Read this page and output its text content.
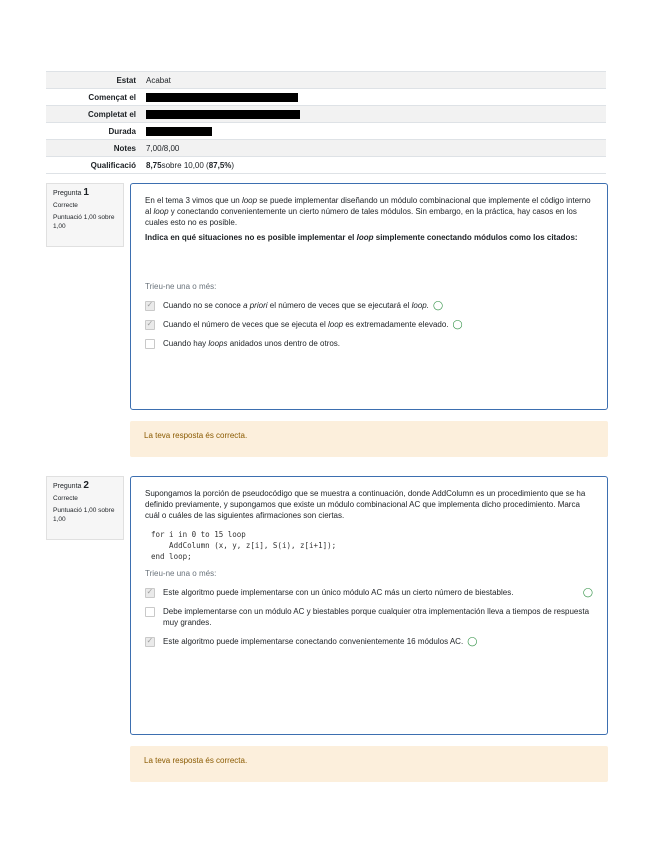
Estat	Acabat
Començat el
Completat el
Durada
Notes	7,00/8,00
Qualificació	8,75 sobre 10,00 ( 87,5% )
Pregunta 1
Correcte
Puntuació 1,00 sobre 1,00

En el tema 3 vimos que un loop se puede implementar diseñando un módulo combinacional que implemente el código interno al loop y conectando convenientemente un cierto número de tales módulos. Sin embargo, en la práctica, hay casos en los cuales esto no es posible.

Indica en qué situaciones no es posible implementar el loop simplemente conectando módulos como los citados:

Trieu-ne una o més:
✓
Cuando no se conoce a priori el número de veces que se ejecutará el loop. ◯︎
✓
Cuando el número de veces que se ejecuta el loop es extremadamente elevado. ◯
Cuando hay loops anidados unos dentro de otros.
La teva resposta és correcta.
Pregunta 2
Correcte
Puntuació 1,00 sobre 1,00

Supongamos la porción de pseudocódigo que se muestra a continuación, donde AddColumn es un procedimiento que se ha definido previamente, y supongamos que existe un módulo combinacional AC que implementa dicho procedimiento. Marca cuál o cuáles de las siguientes afirmaciones son ciertas.

for i in 0 to 15 loop
AddColumn (x, y, z[i], S(i), z[i+1]);
end loop;
Trieu-ne una o més:
✓
Este algoritmo puede implementarse con un único módulo AC más un cierto número de biestables.	◯
Debe implementarse con un módulo AC y biestables porque cualquier otra implementación lleva a tiempos de respuesta muy grandes.
✓
Este algoritmo puede implementarse conectando convenientemente 16 módulos AC. ◯
La teva resposta és correcta.
